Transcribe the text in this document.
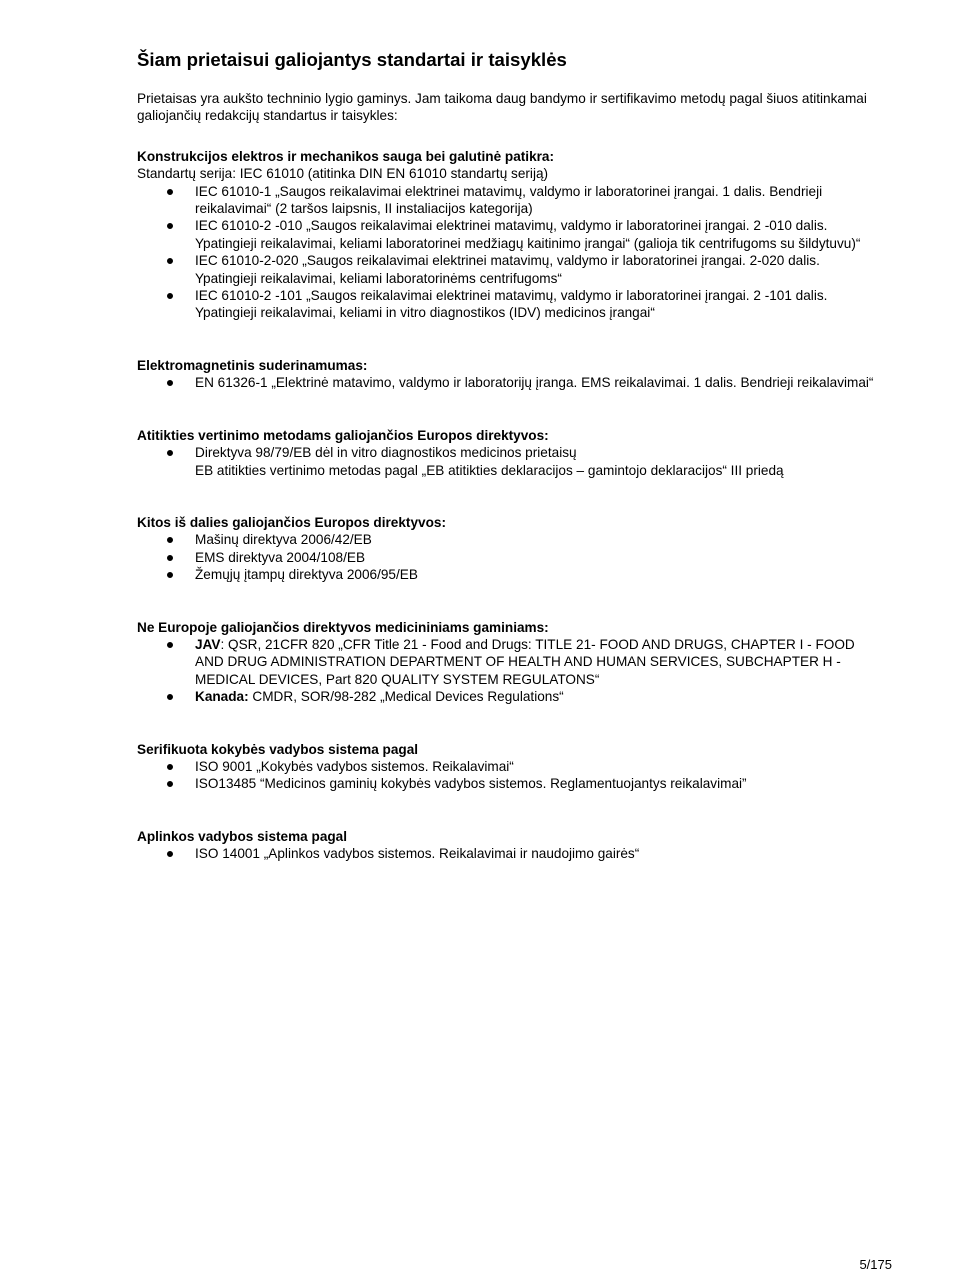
Šiam prietaisui galiojantys standartai ir taisyklės

Prietaisas yra aukšto techninio lygio gaminys. Jam taikoma daug bandymo ir sertifikavimo metodų pagal šiuos atitinkamai galiojančių redakcijų standartus ir taisykles:

Konstrukcijos elektros ir mechanikos sauga bei galutinė patikra:

Standartų serija: IEC 61010 (atitinka DIN EN 61010 standartų seriją)

IEC 61010-1 „Saugos reikalavimai elektrinei matavimų, valdymo ir laboratorinei įrangai. 1 dalis. Bendrieji reikalavimai“ (2 taršos laipsnis, II instaliacijos kategorija)
IEC 61010-2 -010 „Saugos reikalavimai elektrinei matavimų, valdymo ir laboratorinei įrangai. 2 -010 dalis. Ypatingieji reikalavimai, keliami laboratorinei medžiagų kaitinimo įrangai“ (galioja tik centrifugoms su šildytuvu)“
IEC 61010-2-020 „Saugos reikalavimai elektrinei matavimų, valdymo ir laboratorinei įrangai. 2-020 dalis. Ypatingieji reikalavimai, keliami laboratorinėms centrifugoms“
IEC 61010-2 -101 „Saugos reikalavimai elektrinei matavimų, valdymo ir laboratorinei įrangai. 2 -101 dalis. Ypatingieji reikalavimai, keliami in vitro diagnostikos (IDV) medicinos įrangai“

Elektromagnetinis suderinamumas:

EN 61326-1 „Elektrinė matavimo, valdymo ir laboratorijų įranga. EMS reikalavimai. 1 dalis. Bendrieji reikalavimai“

Atitikties vertinimo metodams galiojančios Europos direktyvos:

Direktyva 98/79/EB dėl in vitro diagnostikos medicinos prietaisų

EB atitikties vertinimo metodas pagal „EB atitikties deklaracijos – gamintojo deklaracijos“ III priedą

Kitos iš dalies galiojančios Europos direktyvos:

Mašinų direktyva 2006/42/EB
EMS direktyva 2004/108/EB
Žemųjų įtampų direktyva 2006/95/EB

Ne Europoje galiojančios direktyvos medicininiams gaminiams:

JAV: QSR, 21CFR 820 „CFR Title 21 - Food and Drugs: TITLE 21- FOOD AND DRUGS, CHAPTER I - FOOD AND DRUG ADMINISTRATION DEPARTMENT OF HEALTH AND HUMAN SERVICES, SUBCHAPTER H - MEDICAL DEVICES, Part 820 QUALITY SYSTEM REGULATONS“
Kanada: CMDR, SOR/98-282 „Medical Devices Regulations“

Serifikuota kokybės vadybos sistema pagal

ISO 9001 „Kokybės vadybos sistemos. Reikalavimai“
ISO13485 “Medicinos gaminių kokybės vadybos sistemos. Reglamentuojantys reikalavimai”

Aplinkos vadybos sistema pagal

ISO 14001 „Aplinkos vadybos sistemos. Reikalavimai ir naudojimo gairės“
5/175
